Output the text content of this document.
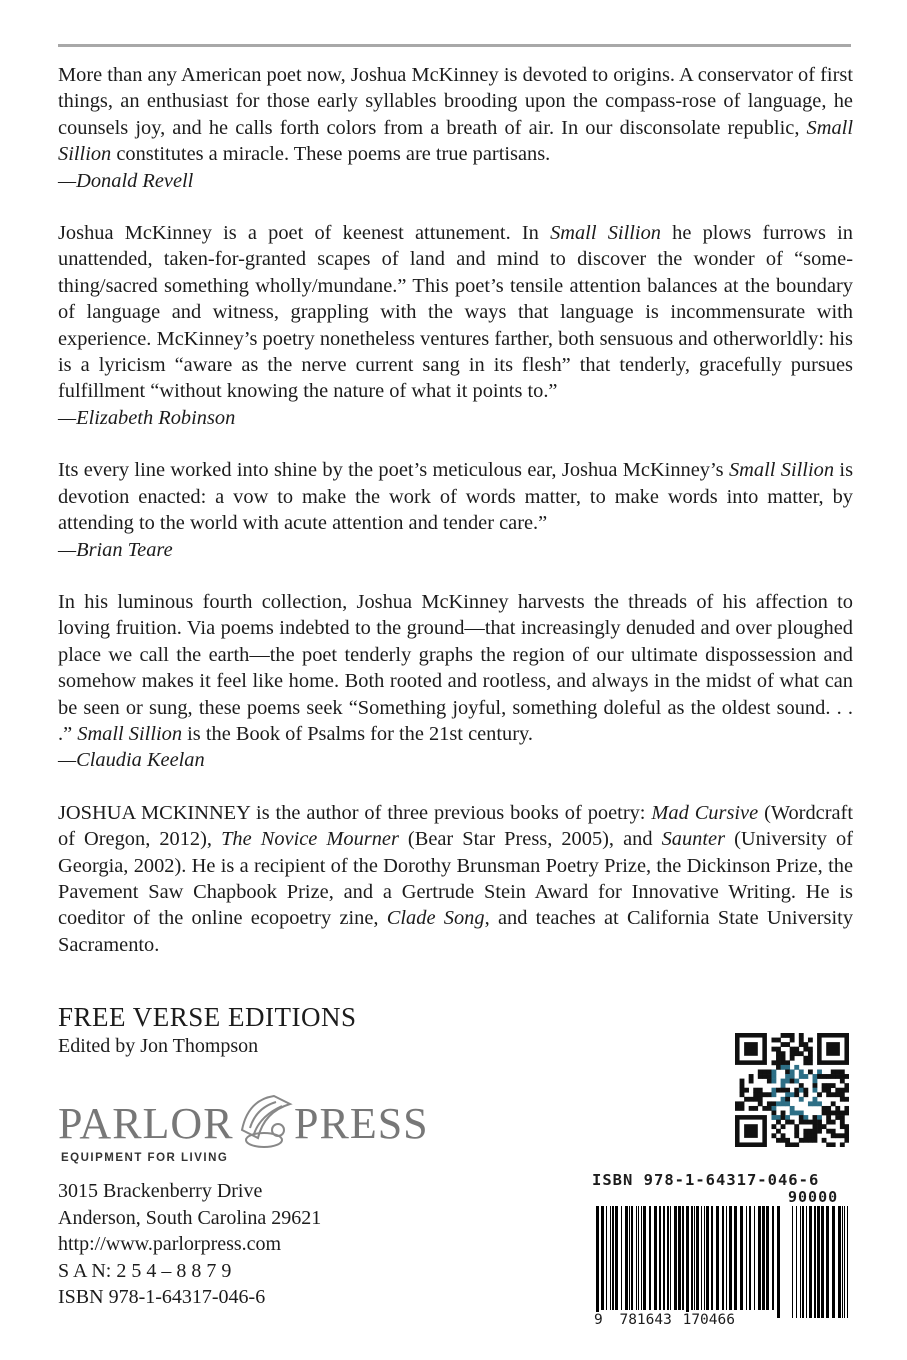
More than any American poet now, Joshua McKinney is devoted to origins. A conservator of first things, an enthusiast for those early syllables brooding upon the compass-rose of language, he counsels joy, and he calls forth colors from a breath of air. In our disconsolate republic, Small Sillion constitutes a miracle. These poems are true partisans.

—Donald Revell

Joshua McKinney is a poet of keenest attunement. In Small Sillion he plows furrows in unattended, taken-for-granted scapes of land and mind to discover the wonder of “something/sacred something wholly/mundane.” This poet’s tensile attention balances at the boundary of language and witness, grappling with the ways that language is incommensurate with experience. McKinney’s poetry nonetheless ventures farther, both sensuous and otherworldly: his is a lyricism “aware as the nerve current sang in its flesh” that tenderly, gracefully pursues fulfillment “without knowing the nature of what it points to.”

—Elizabeth Robinson

Its every line worked into shine by the poet’s meticulous ear, Joshua McKinney’s Small Sillion is devotion enacted: a vow to make the work of words matter, to make words into matter, by attending to the world with acute attention and tender care.”

—Brian Teare

In his luminous fourth collection, Joshua McKinney harvests the threads of his affection to loving fruition. Via poems indebted to the ground—that increasingly denuded and over ploughed place we call the earth—the poet tenderly graphs the region of our ultimate dispossession and somehow makes it feel like home. Both rooted and rootless, and always in the midst of what can be seen or sung, these poems seek “Something joyful, something doleful as the oldest sound. . . .” Small Sillion is the Book of Psalms for the 21st century.

—Claudia Keelan

JOSHUA MCKINNEY is the author of three previous books of poetry: Mad Cursive (Wordcraft of Oregon, 2012), The Novice Mourner (Bear Star Press, 2005), and Saunter (University of Georgia, 2002). He is a recipient of the Dorothy Brunsman Poetry Prize, the Dickinson Prize, the Pavement Saw Chapbook Prize, and a Gertrude Stein Award for Innovative Writing. He is coeditor of the online ecopoetry zine, Clade Song, and teaches at California State University Sacramento.

FREE VERSE EDITIONS
Edited by Jon Thompson
PARLOR PRESS
EQUIPMENT FOR LIVING
3015 Brackenberry Drive
Anderson, South Carolina 29621
http://www.parlorpress.com
S A N: 2 5 4 – 8 8 7 9
ISBN 978-1-64317-046-6
ISBN 978-1-64317-046-6
90000
9 781643 170466
